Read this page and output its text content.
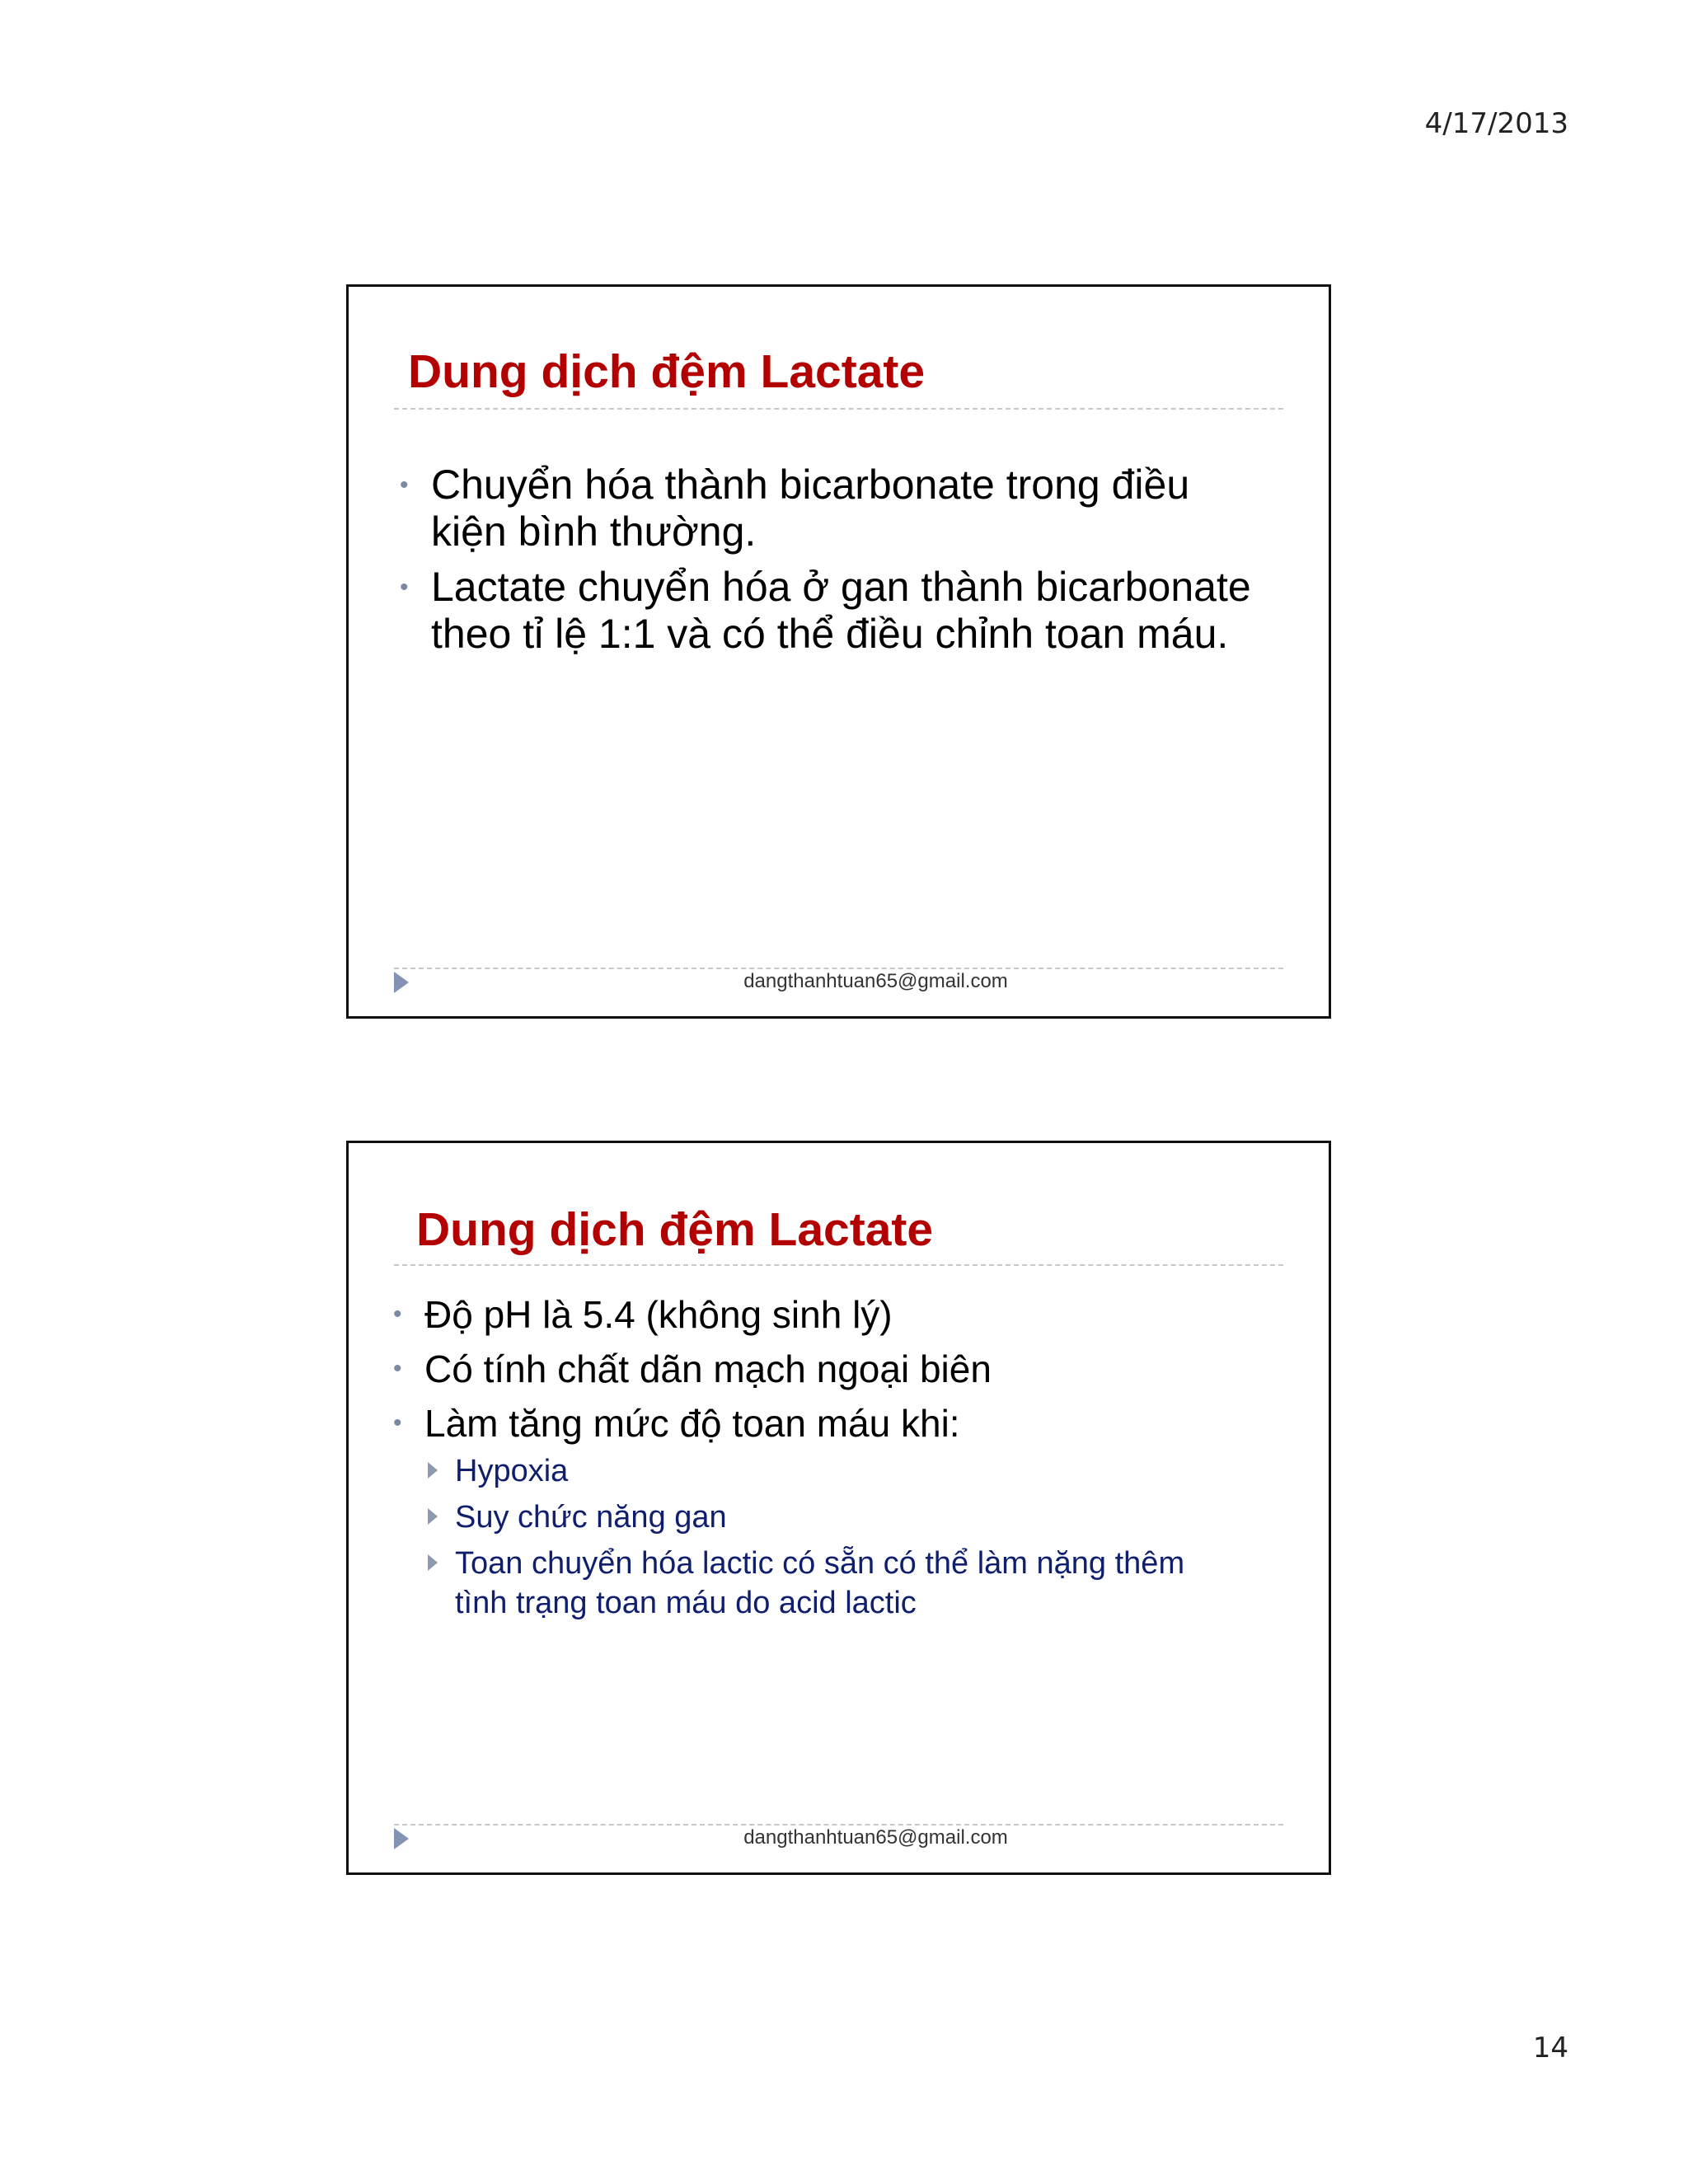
4/17/2013
Dung dịch đệm Lactate
• Chuyển hóa thành bicarbonate trong điều kiện bình thường.
• Lactate chuyển hóa ở gan thành bicarbonate theo tỉ lệ 1:1 và có thể điều chỉnh toan máu.
dangthanhtuan65@gmail.com
Dung dịch đệm Lactate
• Độ pH là 5.4 (không sinh lý)
• Có tính chất dãn mạch ngoại biên
• Làm tăng mức độ toan máu khi:
Hypoxia
Suy chức năng gan
Toan chuyển hóa lactic có sẵn có thể làm nặng thêm tình trạng toan máu do acid lactic
dangthanhtuan65@gmail.com
14
